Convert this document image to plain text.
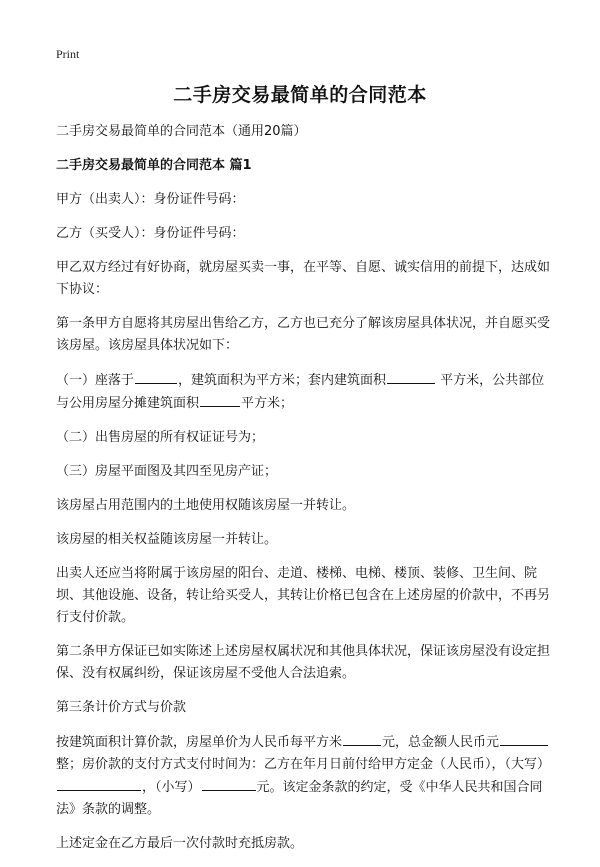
Print
二手房交易最简单的合同范本

二手房交易最简单的合同范本（通用20篇）

二手房交易最简单的合同范本 篇1

甲方（出卖人）：身份证件号码：

乙方（买受人）：身份证件号码：

甲乙双方经过有好协商，就房屋买卖一事，在平等、自愿、诚实信用的前提下，达成如下协议：

第一条甲方自愿将其房屋出售给乙方，乙方也已充分了解该房屋具体状况，并自愿买受该房屋。该房屋具体状况如下：

（一）座落于	，建筑面积为平方米；套内建筑面积	平方米，公共部位与公用房屋分摊建筑面积	平方米；

（二）出售房屋的所有权证证号为；

（三）房屋平面图及其四至见房产证；

该房屋占用范围内的土地使用权随该房屋一并转让。

该房屋的相关权益随该房屋一并转让。

出卖人还应当将附属于该房屋的阳台、走道、楼梯、电梯、楼顶、装修、卫生间、院坝、其他设施、设备，转让给买受人，其转让价格已包含在上述房屋的价款中，不再另行支付价款。

第二条甲方保证已如实陈述上述房屋权属状况和其他具体状况，保证该房屋没有设定担保、没有权属纠纷，保证该房屋不受他人合法追索。

第三条计价方式与价款

按建筑面积计算价款，房屋单价为人民币每平方米	元，总金额人民币元整；房价款的支付方式支付时间为：乙方在年月日前付给甲方定金（人民币），（大写），（小写）	元。该定金条款的约定，受《中华人民共和国合同法》条款的调整。

上述定金在乙方最后一次付款时充抵房款。
